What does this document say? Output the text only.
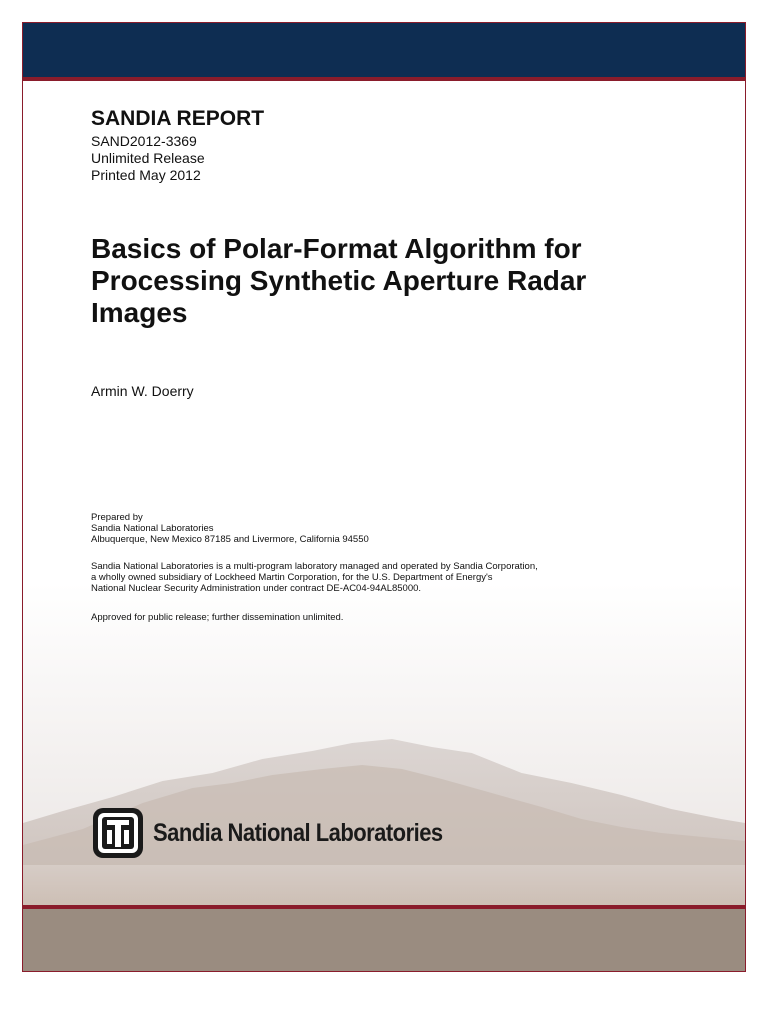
SANDIA REPORT
SAND2012-3369
Unlimited Release
Printed May 2012
Basics of Polar-Format Algorithm for
Processing Synthetic Aperture Radar
Images
Armin W. Doerry
Prepared by
Sandia National Laboratories
Albuquerque, New Mexico 87185 and Livermore, California 94550
Sandia National Laboratories is a multi-program laboratory managed and operated by Sandia Corporation,
a wholly owned subsidiary of Lockheed Martin Corporation, for the U.S. Department of Energy's
National Nuclear Security Administration under contract DE-AC04-94AL85000.
Approved for public release; further dissemination unlimited.
Sandia National Laboratories
